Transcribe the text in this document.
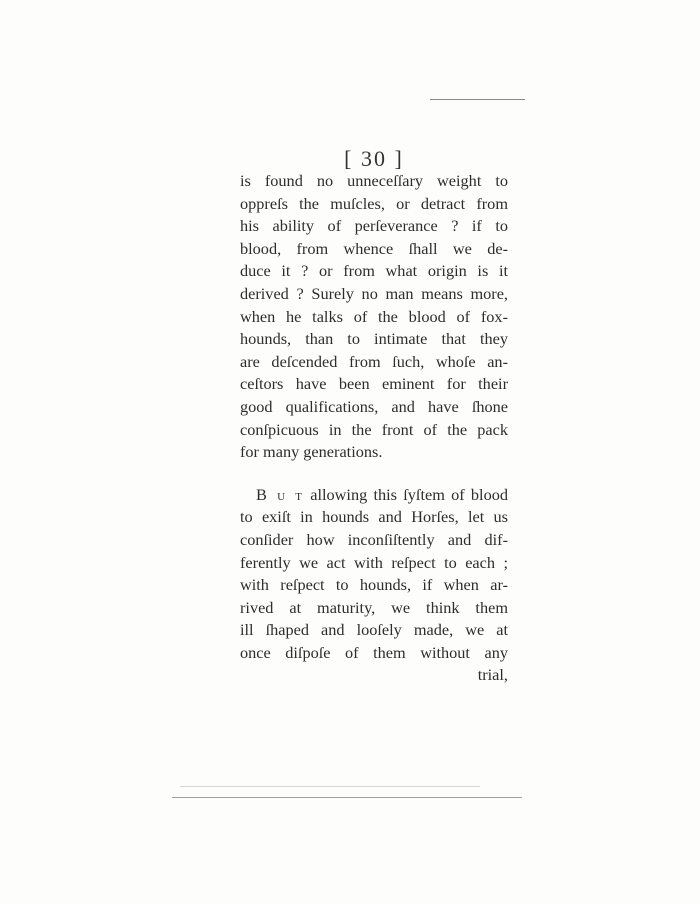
[ 30 ]
is found no unneceſſary weight to
oppreſs the muſcles, or detract from
his ability of perſeverance ? if to
blood, from whence ſhall we de-
duce it ? or from what origin is it
derived ? Surely no man means more,
when he talks of the blood of fox-
hounds, than to intimate that they
are deſcended from ſuch, whoſe an-
ceſtors have been eminent for their
good qualifications, and have ſhone
conſpicuous in the front of the pack
for many generations.
B u t allowing this ſyſtem of blood
to exiſt in hounds and Horſes, let us
conſider how inconſiſtently and dif-
ferently we act with reſpect to each ;
with reſpect to hounds, if when ar-
rived at maturity, we think them
ill ſhaped and looſely made, we at
once diſpoſe of them without any
trial,
